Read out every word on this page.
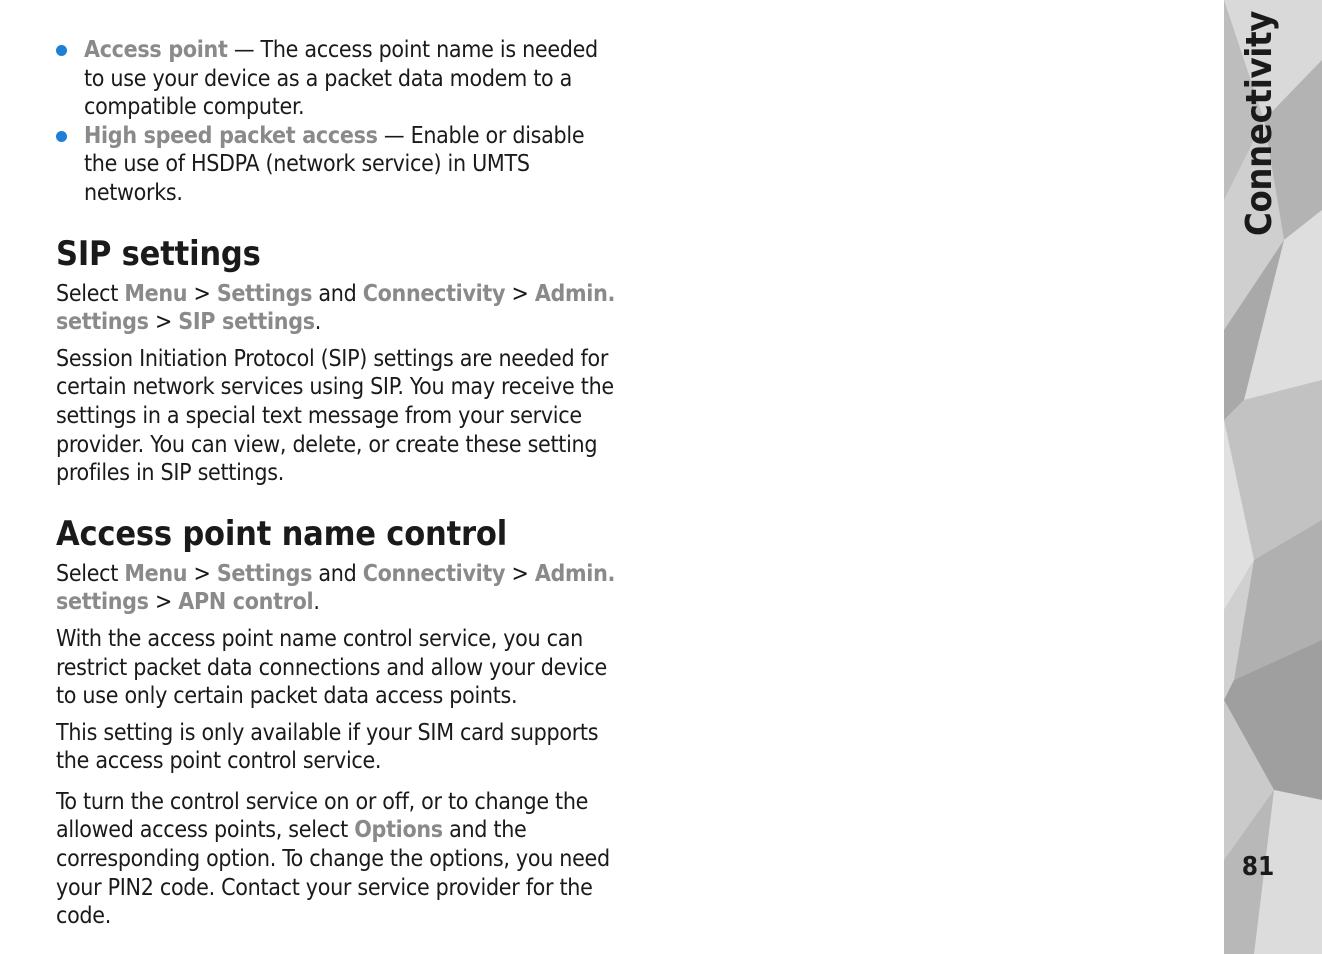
Access point — The access point name is needed to use your device as a packet data modem to a compatible computer.
High speed packet access — Enable or disable the use of HSDPA (network service) in UMTS networks.
SIP settings

Select Menu > Settings and Connectivity > Admin. settings > SIP settings.

Session Initiation Protocol (SIP) settings are needed for certain network services using SIP. You may receive the settings in a special text message from your service provider. You can view, delete, or create these setting profiles in SIP settings.

Access point name control

Select Menu > Settings and Connectivity > Admin. settings > APN control.

With the access point name control service, you can restrict packet data connections and allow your device to use only certain packet data access points.

This setting is only available if your SIM card supports the access point control service.

To turn the control service on or off, or to change the allowed access points, select Options and the corresponding option. To change the options, you need your PIN2 code. Contact your service provider for the code.

Connectivity
81
